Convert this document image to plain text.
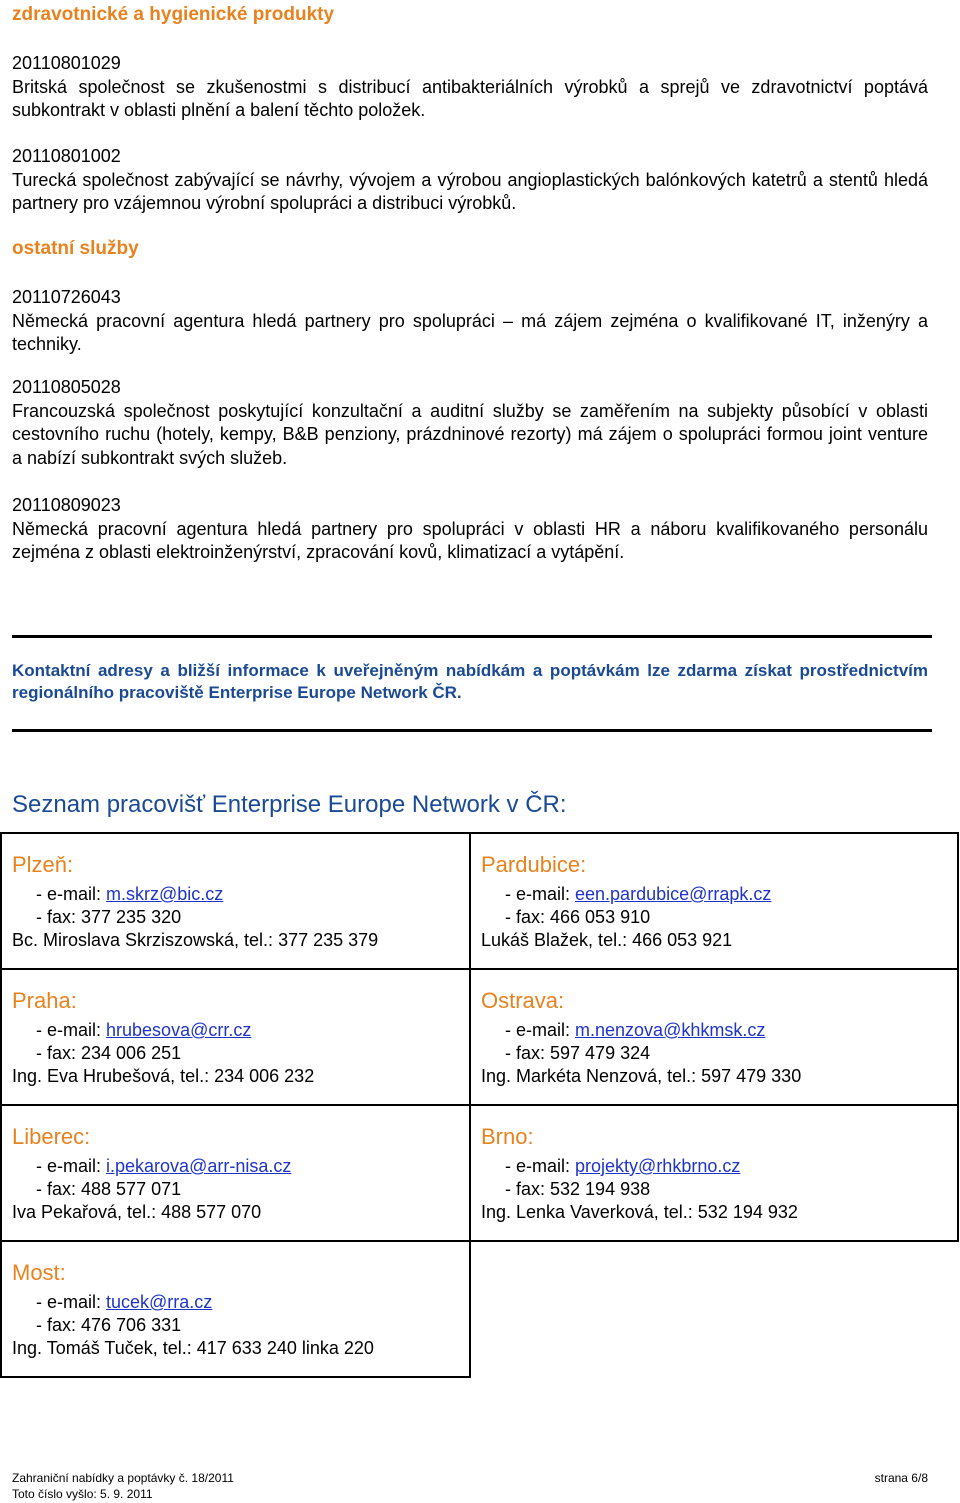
zdravotnické a hygienické produkty
20110801029
Britská společnost se zkušenostmi s distribucí antibakteriálních výrobků a sprejů ve zdravotnictví poptává subkontrakt v oblasti plnění a balení těchto položek.
20110801002
Turecká společnost zabývající se návrhy, vývojem a výrobou angioplastických balónkových katetrů a stentů hledá partnery pro vzájemnou výrobní spolupráci a distribuci výrobků.
ostatní služby
20110726043
Německá pracovní agentura hledá partnery pro spolupráci – má zájem zejména o kvalifikované IT, inženýry a techniky.
20110805028
Francouzská společnost poskytující konzultační a auditní služby se zaměřením na subjekty působící v oblasti cestovního ruchu (hotely, kempy, B&B penziony, prázdninové rezorty) má zájem o spolupráci formou joint venture a nabízí subkontrakt svých služeb.
20110809023
Německá pracovní agentura hledá partnery pro spolupráci v oblasti HR a náboru kvalifikovaného personálu zejména z oblasti elektroinženýrství, zpracování kovů, klimatizací a vytápění.
Kontaktní adresy a bližší informace k uveřejněným nabídkám a poptávkám lze zdarma získat prostřednictvím regionálního pracoviště Enterprise Europe Network ČR.
Seznam pracovišť Enterprise Europe Network v ČR:
Plzeň:
- e-mail: m.skrz@bic.cz
- fax: 377 235 320
Bc. Miroslava Skrziszowská, tel.: 377 235 379
Pardubice:
- e-mail: een.pardubice@rrapk.cz
- fax: 466 053 910
Lukáš Blažek, tel.: 466 053 921
Praha:
- e-mail: hrubesova@crr.cz
- fax: 234 006 251
Ing. Eva Hrubešová, tel.: 234 006 232
Ostrava:
- e-mail: m.nenzova@khkmsk.cz
- fax: 597 479 324
Ing. Markéta Nenzová, tel.: 597 479 330
Liberec:
- e-mail: i.pekarova@arr-nisa.cz
- fax: 488 577 071
Iva Pekařová, tel.: 488 577 070
Brno:
- e-mail: projekty@rhkbrno.cz
- fax: 532 194 938
Ing. Lenka Vaverková, tel.: 532 194 932
Most:
- e-mail: tucek@rra.cz
- fax: 476 706 331
Ing. Tomáš Tuček, tel.: 417 633 240 linka 220
Zahraniční nabídky a poptávky č. 18/2011
Toto číslo vyšlo: 5. 9. 2011
strana 6/8
